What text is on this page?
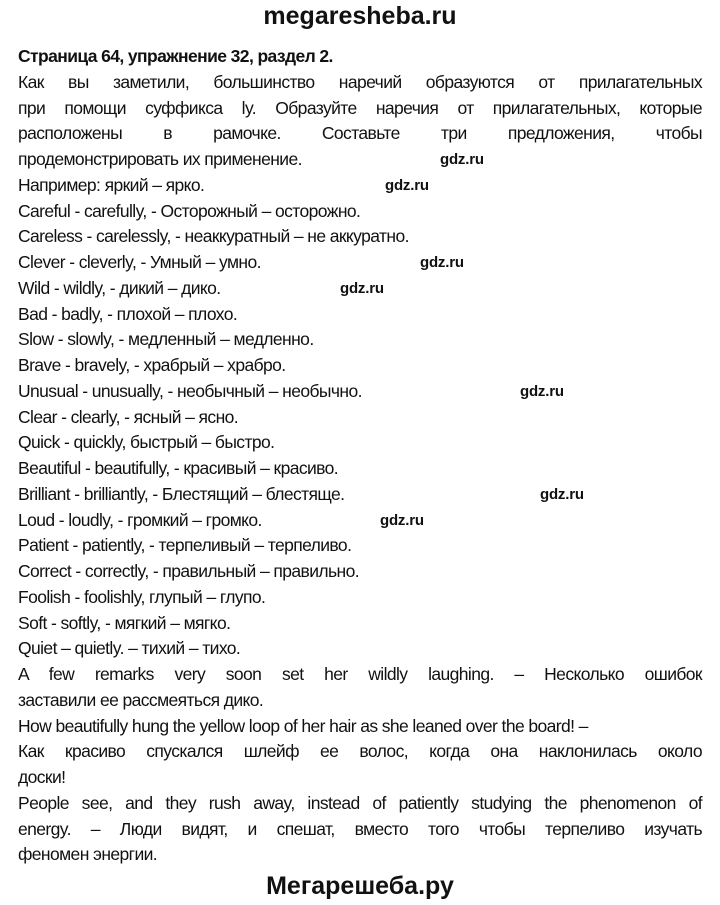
megaresheba.ru
Страница 64, упражнение 32, раздел 2.
Как вы заметили, большинство наречий образуются от прилагательных
при помощи суффикса ly. Образуйте наречия от прилагательных, которые
расположены в рамочке. Составьте три предложения, чтобы
продемонстрировать их применение.
Например: яркий – ярко.
Careful - carefully, - Осторожный – осторожно.
Careless - carelessly, - неаккуратный – не аккуратно.
Clever - cleverly, - Умный – умно.
Wild - wildly, - дикий – дико.
Bad - badly, - плохой – плохо.
Slow - slowly, - медленный – медленно.
Brave - bravely, - храбрый – храбро.
Unusual - unusually, - необычный – необычно.
Clear - clearly, - ясный – ясно.
Quick - quickly, быстрый – быстро.
Beautiful - beautifully, - красивый – красиво.
Brilliant - brilliantly, - Блестящий – блестяще.
Loud - loudly, - громкий – громко.
Patient - patiently, - терпеливый – терпеливо.
Correct - correctly, - правильный – правильно.
Foolish - foolishly, глупый – глупо.
Soft - softly, - мягкий – мягко.
Quiet – quietly. – тихий – тихо.
A few remarks very soon set her wildly laughing. – Несколько ошибок
заставили ее рассмеяться дико.
How beautifully hung the yellow loop of her hair as she leaned over the board! –
Как красиво спускался шлейф ее волос, когда она наклонилась около
доски!
People see, and they rush away, instead of patiently studying the phenomenon of
energy. – Люди видят, и спешат, вместо того чтобы терпеливо изучать
феномен энергии.
gdz.ru
gdz.ru
gdz.ru
gdz.ru
gdz.ru
gdz.ru
gdz.ru
Мегарешеба.ру
